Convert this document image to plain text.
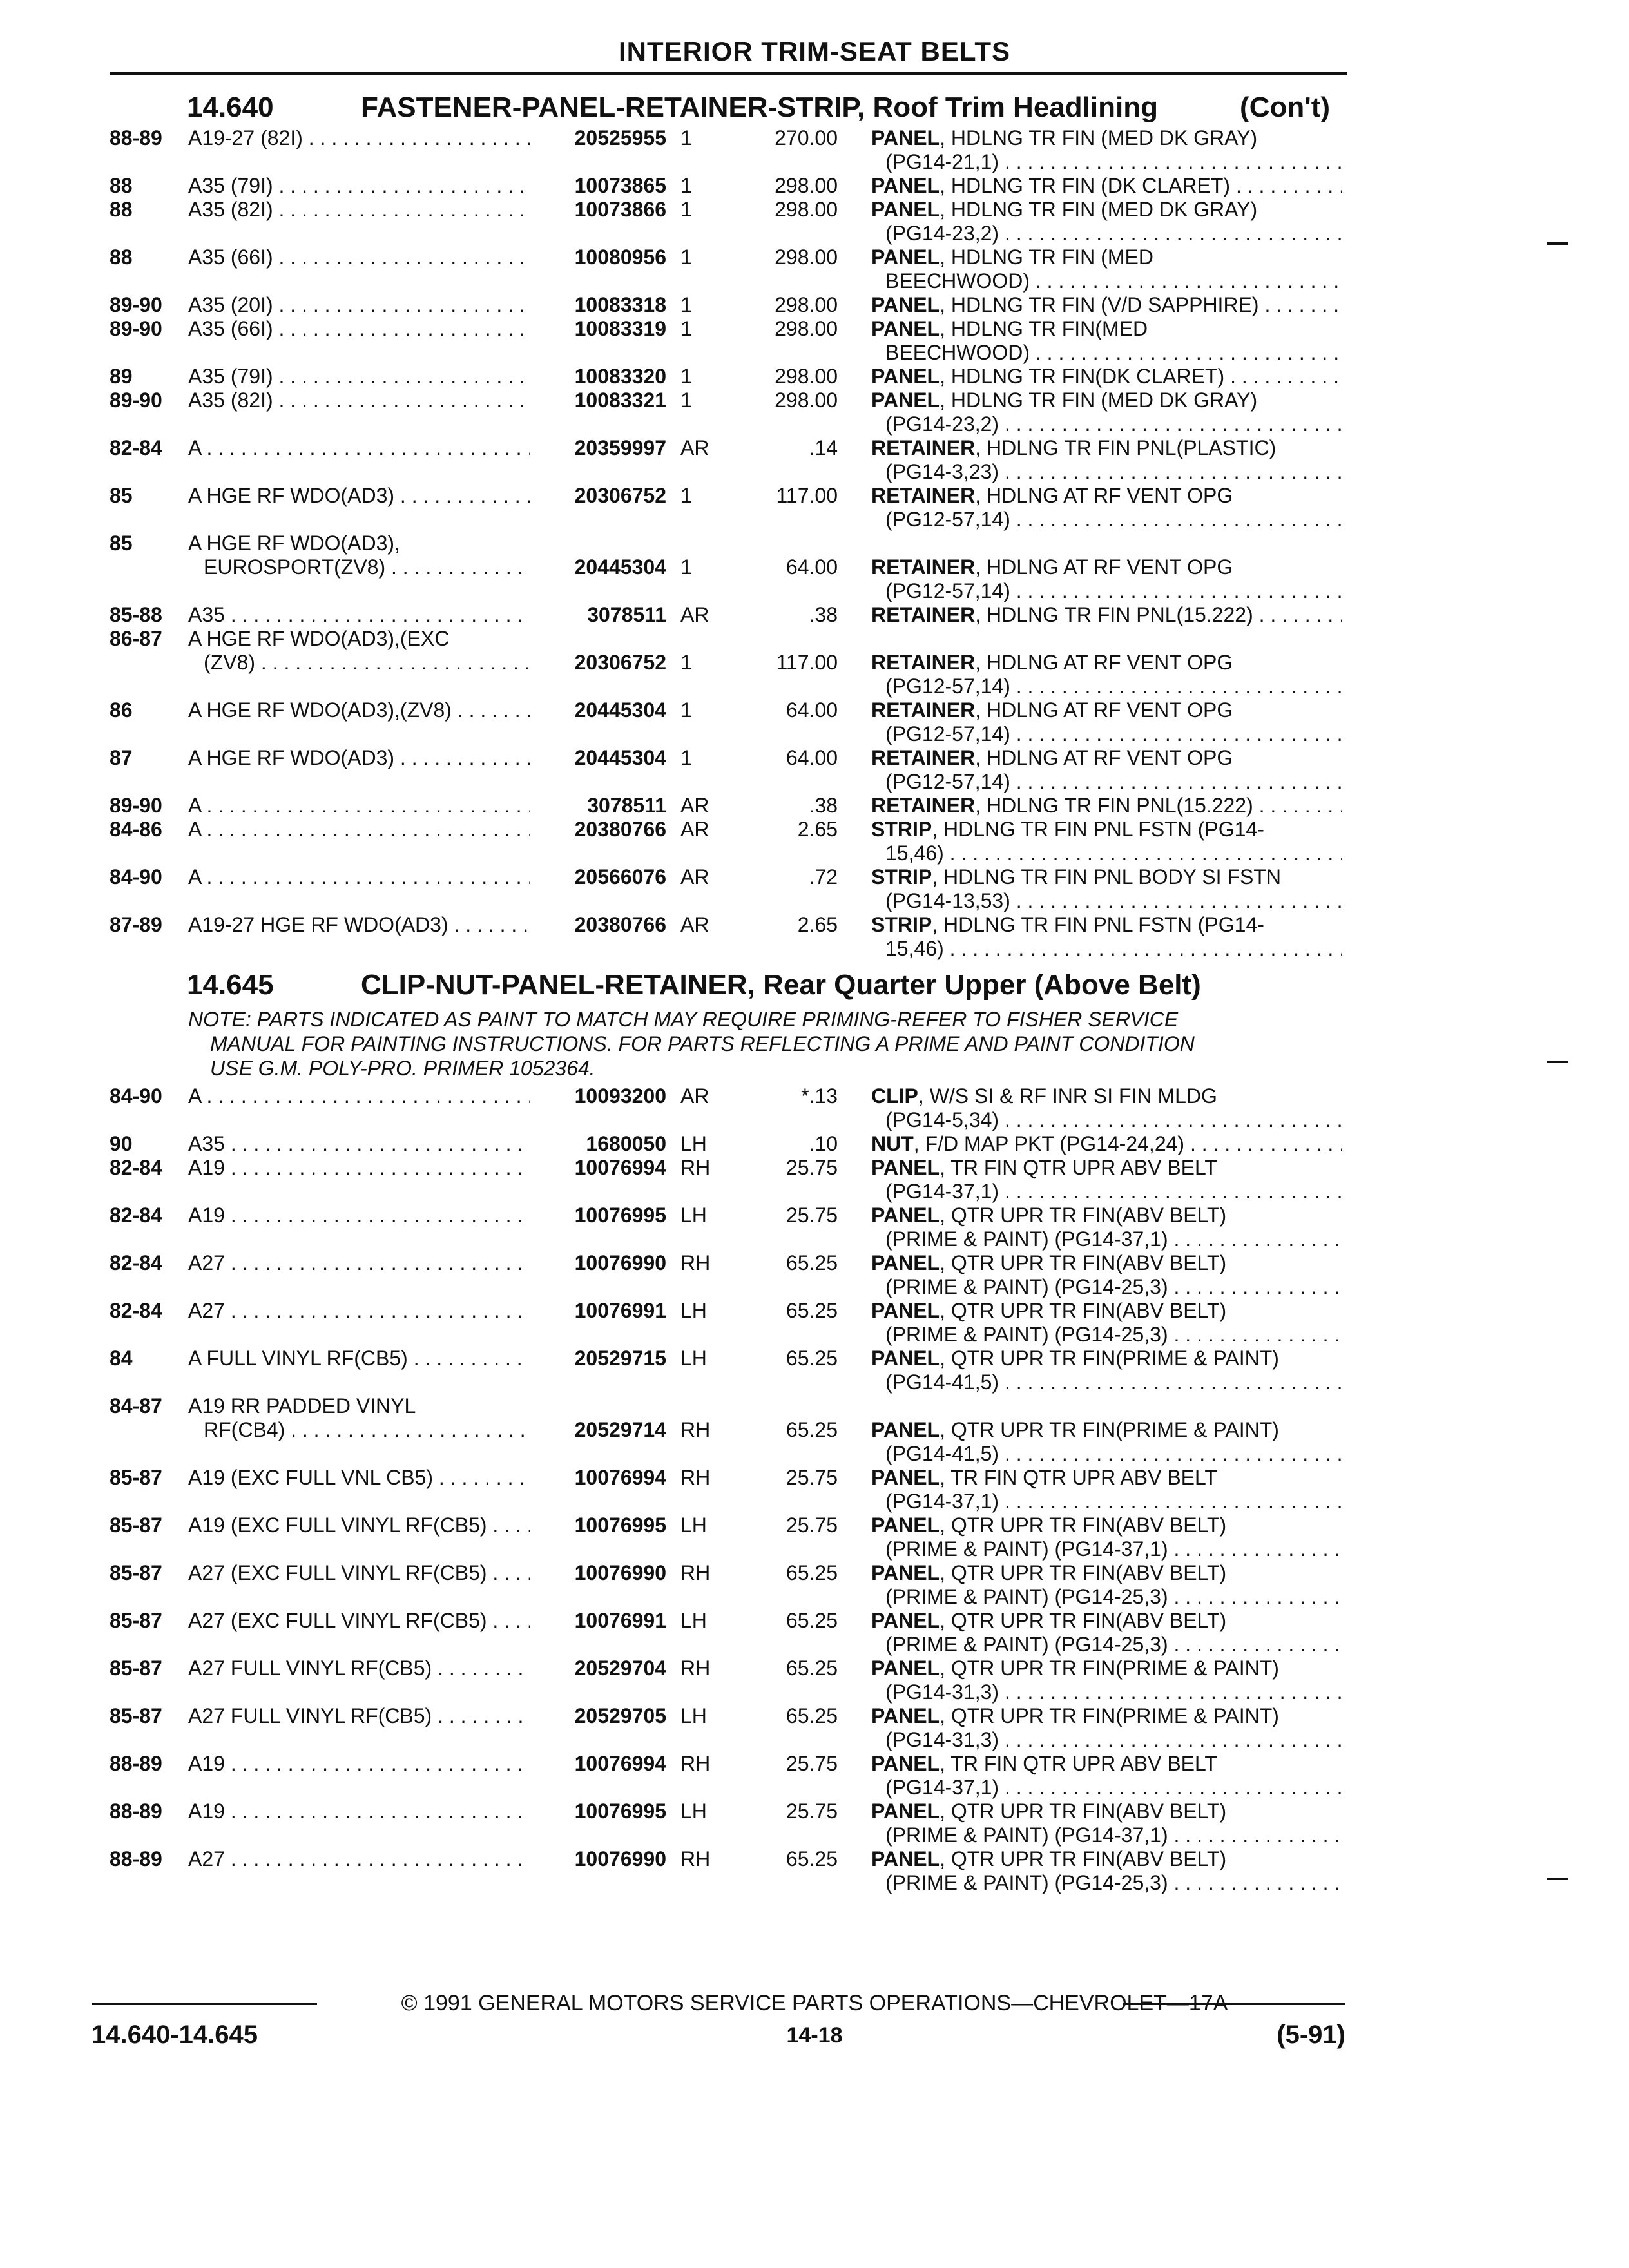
INTERIOR TRIM-SEAT BELTS
14.640	FASTENER-PANEL-RETAINER-STRIP, Roof Trim Headlining	(Con't)
88-89 A19-27 (82I) . . .	20525955 1	270.00 PANEL, HDLNG TR FIN (MED DK GRAY)
(PG14-21,1) . . .
88	A35 (79I) . . .	10073865 1	298.00 PANEL, HDLNG TR FIN (DK CLARET) . . .
88	A35 (82I) . . .	10073866 1	298.00 PANEL, HDLNG TR FIN (MED DK GRAY)
(PG14-23,2) . . .
88	A35 (66I) . . .	10080956 1	298.00 PANEL, HDLNG TR FIN (MED
BEECHWOOD) . . .
89-90 A35 (20I) . . .	10083318 1	298.00 PANEL, HDLNG TR FIN (V/D SAPPHIRE) . . .
89-90 A35 (66I) . . .	10083319 1	298.00 PANEL, HDLNG TR FIN(MED
BEECHWOOD) . . .
89	A35 (79I) . . .	10083320 1	298.00 PANEL, HDLNG TR FIN(DK CLARET) . . .
89-90 A35 (82I) . . .	10083321 1	298.00 PANEL, HDLNG TR FIN (MED DK GRAY)
(PG14-23,2) . . .
82-84 A . . .	20359997 AR	.14 RETAINER, HDLNG TR FIN PNL(PLASTIC)
(PG14-3,23) . . .
85	A HGE RF WDO(AD3) . . .	20306752 1	117.00 RETAINER, HDLNG AT RF VENT OPG
(PG12-57,14) . . .
85	A HGE RF WDO(AD3),
EUROSPORT(ZV8) . . .	20445304 1	64.00 RETAINER, HDLNG AT RF VENT OPG
(PG12-57,14) . . .
85-88 A35 . . .	3078511 AR	.38 RETAINER, HDLNG TR FIN PNL(15.222) . . .
86-87 A HGE RF WDO(AD3),(EXC
(ZV8) . . .	20306752 1	117.00 RETAINER, HDLNG AT RF VENT OPG
(PG12-57,14) . . .
86	A HGE RF WDO(AD3),(ZV8) . . .	20445304 1	64.00 RETAINER, HDLNG AT RF VENT OPG
(PG12-57,14) . . .
87	A HGE RF WDO(AD3) . . .	20445304 1	64.00 RETAINER, HDLNG AT RF VENT OPG
(PG12-57,14) . . .
89-90 A . . .	3078511 AR	.38 RETAINER, HDLNG TR FIN PNL(15.222) . . .
84-86 A . . .	20380766 AR	2.65 STRIP, HDLNG TR FIN PNL FSTN (PG14-
15,46) . . .
84-90 A . . .	20566076 AR	.72 STRIP, HDLNG TR FIN PNL BODY SI FSTN
(PG14-13,53) . . .
87-89 A19-27 HGE RF WDO(AD3) . . .	20380766 AR	2.65 STRIP, HDLNG TR FIN PNL FSTN (PG14-
15,46) . . .
14.645	CLIP-NUT-PANEL-RETAINER, Rear Quarter Upper (Above Belt)
NOTE: PARTS INDICATED AS PAINT TO MATCH MAY REQUIRE PRIMING-REFER TO FISHER SERVICE
MANUAL FOR PAINTING INSTRUCTIONS. FOR PARTS REFLECTING A PRIME AND PAINT CONDITION
USE G.M. POLY-PRO. PRIMER 1052364.
84-90 A . . .	10093200 AR	*.13 CLIP, W/S SI & RF INR SI FIN MLDG
(PG14-5,34) . . .
90	A35 . . .	1680050 LH	.10 NUT, F/D MAP PKT (PG14-24,24) . . .
82-84 A19 . . .	10076994 RH	25.75 PANEL, TR FIN QTR UPR ABV BELT
(PG14-37,1) . . .
82-84 A19 . . .	10076995 LH	25.75 PANEL, QTR UPR TR FIN(ABV BELT)
(PRIME & PAINT) (PG14-37,1) . . .
82-84 A27 . . .	10076990 RH	65.25 PANEL, QTR UPR TR FIN(ABV BELT)
(PRIME & PAINT) (PG14-25,3) . . .
82-84 A27 . . .	10076991 LH	65.25 PANEL, QTR UPR TR FIN(ABV BELT)
(PRIME & PAINT) (PG14-25,3) . . .
84	A FULL VINYL RF(CB5) . . .	20529715 LH	65.25 PANEL, QTR UPR TR FIN(PRIME & PAINT)
(PG14-41,5) . . .
84-87 A19 RR PADDED VINYL
RF(CB4) . . .	20529714 RH	65.25 PANEL, QTR UPR TR FIN(PRIME & PAINT)
(PG14-41,5) . . .
85-87 A19 (EXC FULL VNL CB5) . . .	10076994 RH	25.75 PANEL, TR FIN QTR UPR ABV BELT
(PG14-37,1) . . .
85-87 A19 (EXC FULL VINYL RF(CB5) . . .	10076995 LH	25.75 PANEL, QTR UPR TR FIN(ABV BELT)
(PRIME & PAINT) (PG14-37,1) . . .
85-87 A27 (EXC FULL VINYL RF(CB5) . . .	10076990 RH	65.25 PANEL, QTR UPR TR FIN(ABV BELT)
(PRIME & PAINT) (PG14-25,3) . . .
85-87 A27 (EXC FULL VINYL RF(CB5) . . .	10076991 LH	65.25 PANEL, QTR UPR TR FIN(ABV BELT)
(PRIME & PAINT) (PG14-25,3) . . .
85-87 A27 FULL VINYL RF(CB5) . . .	20529704 RH	65.25 PANEL, QTR UPR TR FIN(PRIME & PAINT)
(PG14-31,3) . . .
85-87 A27 FULL VINYL RF(CB5) . . .	20529705 LH	65.25 PANEL, QTR UPR TR FIN(PRIME & PAINT)
(PG14-31,3) . . .
88-89 A19 . . .	10076994 RH	25.75 PANEL, TR FIN QTR UPR ABV BELT
(PG14-37,1) . . .
88-89 A19 . . .	10076995 LH	25.75 PANEL, QTR UPR TR FIN(ABV BELT)
(PRIME & PAINT) (PG14-37,1) . . .
88-89 A27 . . .	10076990 RH	65.25 PANEL, QTR UPR TR FIN(ABV BELT)
(PRIME & PAINT) (PG14-25,3) . . .
© 1991 GENERAL MOTORS SERVICE PARTS OPERATIONS—CHEVROLET—17A
14.640-14.645	14-18	(5-91)
